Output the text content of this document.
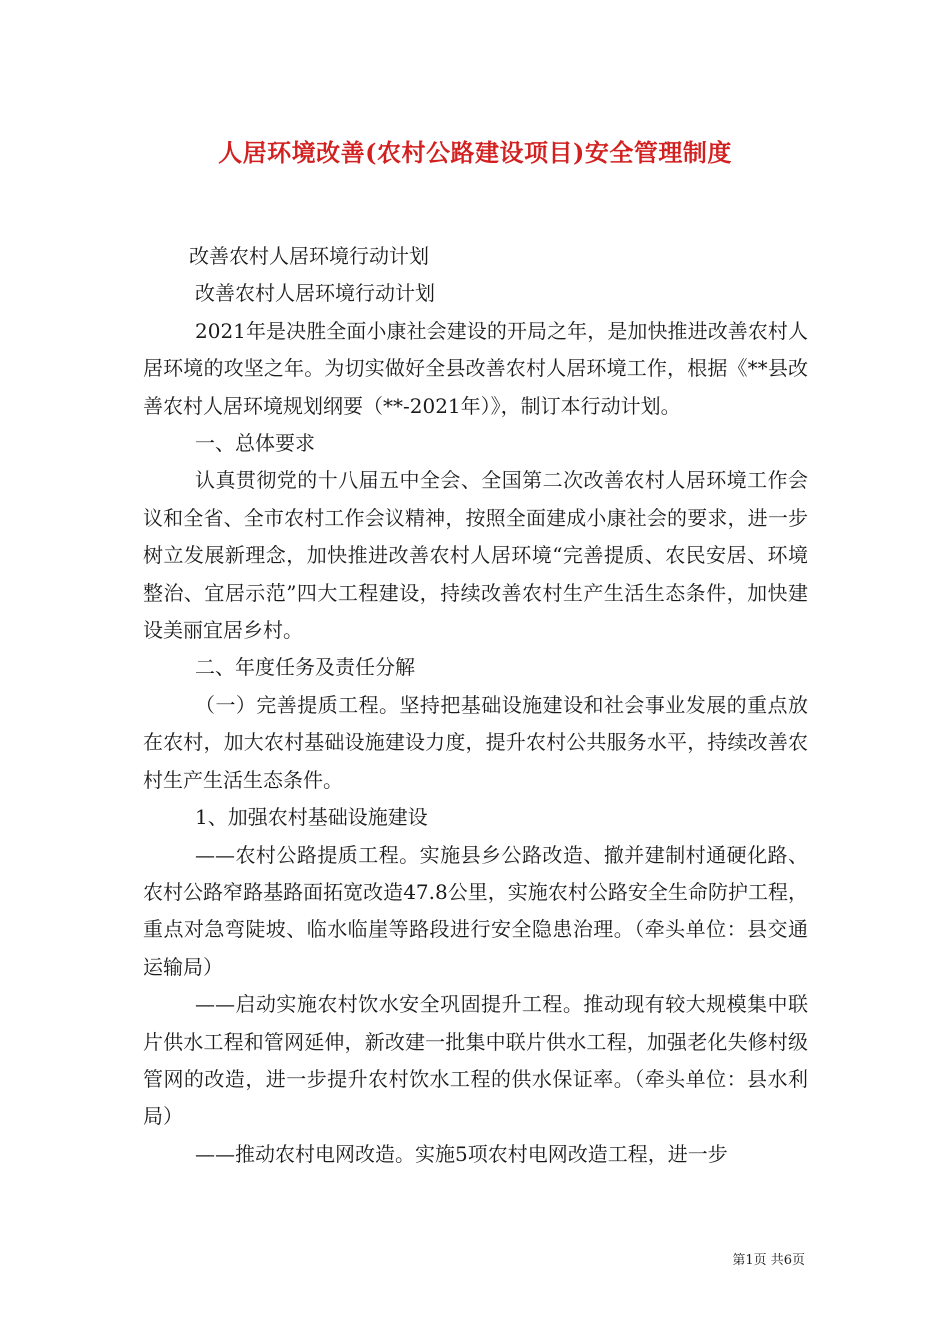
人居环境改善(农村公路建设项目)安全管理制度

改善农村人居环境行动计划

改善农村人居环境行动计划

2021年是决胜全面小康社会建设的开局之年，是加快推进改善农村人居环境的攻坚之年。为切实做好全县改善农村人居环境工作，根据《**县改善农村人居环境规划纲要（**-2021年）》，制订本行动计划。

一、总体要求

认真贯彻党的十八届五中全会、全国第二次改善农村人居环境工作会议和全省、全市农村工作会议精神，按照全面建成小康社会的要求，进一步树立发展新理念，加快推进改善农村人居环境“完善提质、农民安居、环境整治、宜居示范”四大工程建设，持续改善农村生产生活生态条件，加快建设美丽宜居乡村。

二、年度任务及责任分解

（一）完善提质工程。坚持把基础设施建设和社会事业发展的重点放在农村，加大农村基础设施建设力度，提升农村公共服务水平，持续改善农村生产生活生态条件。

1、加强农村基础设施建设

——农村公路提质工程。实施县乡公路改造、撤并建制村通硬化路、农村公路窄路基路面拓宽改造47.8公里，实施农村公路安全生命防护工程，重点对急弯陡坡、临水临崖等路段进行安全隐患治理。（牵头单位：县交通运输局）

——启动实施农村饮水安全巩固提升工程。推动现有较大规模集中联片供水工程和管网延伸，新改建一批集中联片供水工程，加强老化失修村级管网的改造，进一步提升农村饮水工程的供水保证率。（牵头单位：县水利局）

——推动农村电网改造。实施5项农村电网改造工程，进一步

第1页 共6页
